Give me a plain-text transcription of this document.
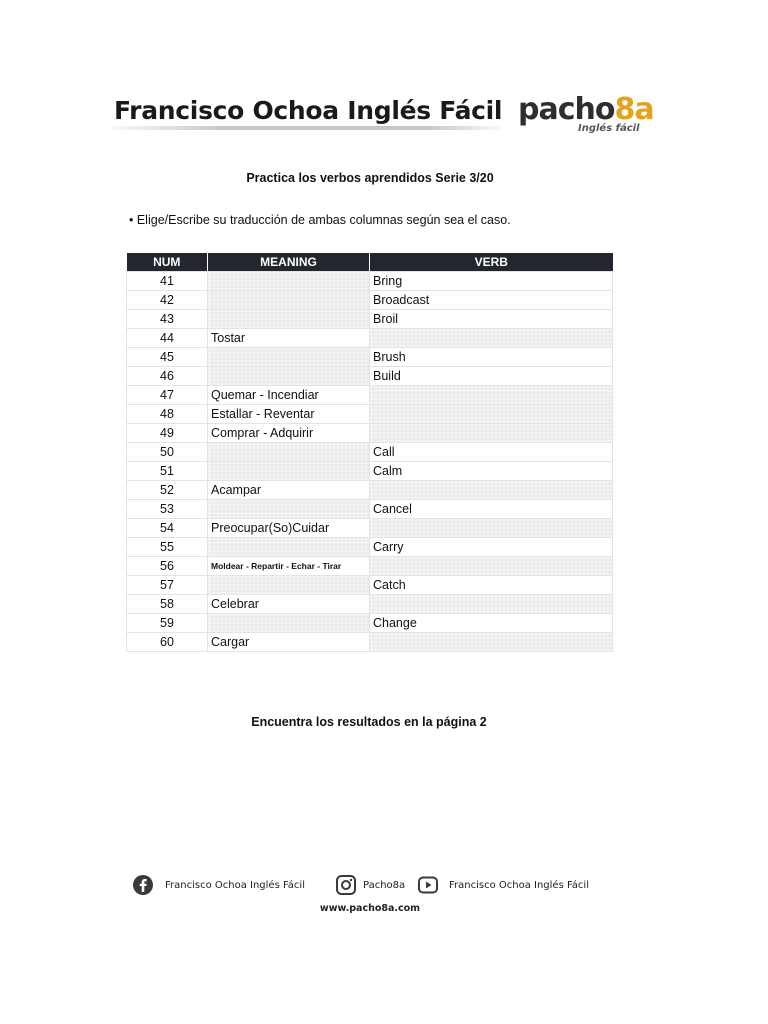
Francisco Ochoa Inglés Fácil pacho8a
Inglés fácil
Practica los verbos aprendidos Serie 3/20
• Elige/Escribe su traducción de ambas columnas según sea el caso.
NUM	MEANING	VERB
41		Bring
42		Broadcast
43		Broil
44	Tostar	
45		Brush
46		Build
47	Quemar - Incendiar	
48	Estallar - Reventar	
49	Comprar - Adquirir	
50		Call
51		Calm
52	Acampar	
53		Cancel
54	Preocupar(So)Cuidar	
55		Carry
56	Moldear - Repartir - Echar - Tirar	
57		Catch
58	Celebrar	
59		Change
60	Cargar	
Encuentra los resultados en la página 2
Francisco Ochoa Inglés Fácil	Pacho8a	Francisco Ochoa Inglés Fácil
www.pacho8a.com
